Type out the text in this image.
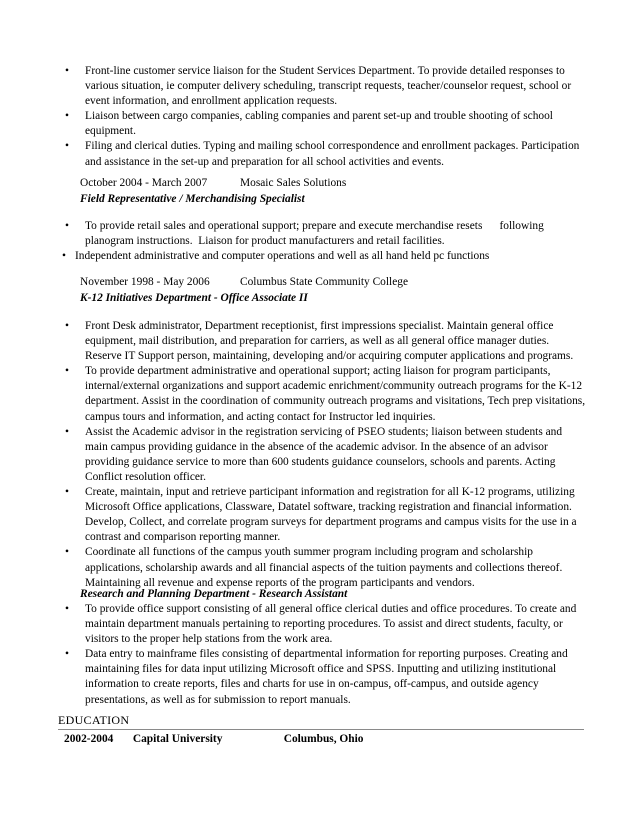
• Front-line customer service liaison for the Student Services Department. To provide detailed responses to various situation, ie computer delivery scheduling, transcript requests, teacher/counselor request, school or event information, and enrollment application requests.
• Liaison between cargo companies, cabling companies and parent set-up and trouble shooting of school equipment.
• Filing and clerical duties. Typing and mailing school correspondence and enrollment packages. Participation and assistance in the set-up and preparation for all school activities and events.
October 2004 - March 2007	Mosaic Sales Solutions
Field Representative / Merchandising Specialist
• To provide retail sales and operational support; prepare and execute merchandise resets      following planogram instructions.  Liaison for product manufacturers and retail facilities.
• Independent administrative and computer operations and well as all hand held pc functions
November 1998 - May 2006	Columbus State Community College
K-12 Initiatives Department - Office Associate II
• Front Desk administrator, Department receptionist, first impressions specialist. Maintain general office equipment, mail distribution, and preparation for carriers, as well as all general office manager duties. Reserve IT Support person, maintaining, developing and/or acquiring computer applications and programs.
• To provide department administrative and operational support; acting liaison for program participants, internal/external organizations and support academic enrichment/community outreach programs for the K-12 department. Assist in the coordination of community outreach programs and visitations, Tech prep visitations, campus tours and information, and acting contact for Instructor led inquiries.
• Assist the Academic advisor in the registration servicing of PSEO students; liaison between students and main campus providing guidance in the absence of the academic advisor. In the absence of an advisor providing guidance service to more than 600 students guidance counselors, schools and parents. Acting Conflict resolution officer.
• Create, maintain, input and retrieve participant information and registration for all K-12 programs, utilizing Microsoft Office applications, Classware, Datatel software, tracking registration and financial information. Develop, Collect, and correlate program surveys for department programs and campus visits for the use in a contrast and comparison reporting manner.
• Coordinate all functions of the campus youth summer program including program and scholarship applications, scholarship awards and all financial aspects of the tuition payments and collections thereof. Maintaining all revenue and expense reports of the program participants and vendors.
Research and Planning Department - Research Assistant
• To provide office support consisting of all general office clerical duties and office procedures. To create and maintain department manuals pertaining to reporting procedures. To assist and direct students, faculty, or visitors to the proper help stations from the work area.
• Data entry to mainframe files consisting of departmental information for reporting purposes. Creating and maintaining files for data input utilizing Microsoft office and SPSS. Inputting and utilizing institutional information to create reports, files and charts for use in on-campus, off-campus, and outside agency presentations, as well as for submission to report manuals.
EDUCATION
2002-2004 Capital University	Columbus, Ohio
